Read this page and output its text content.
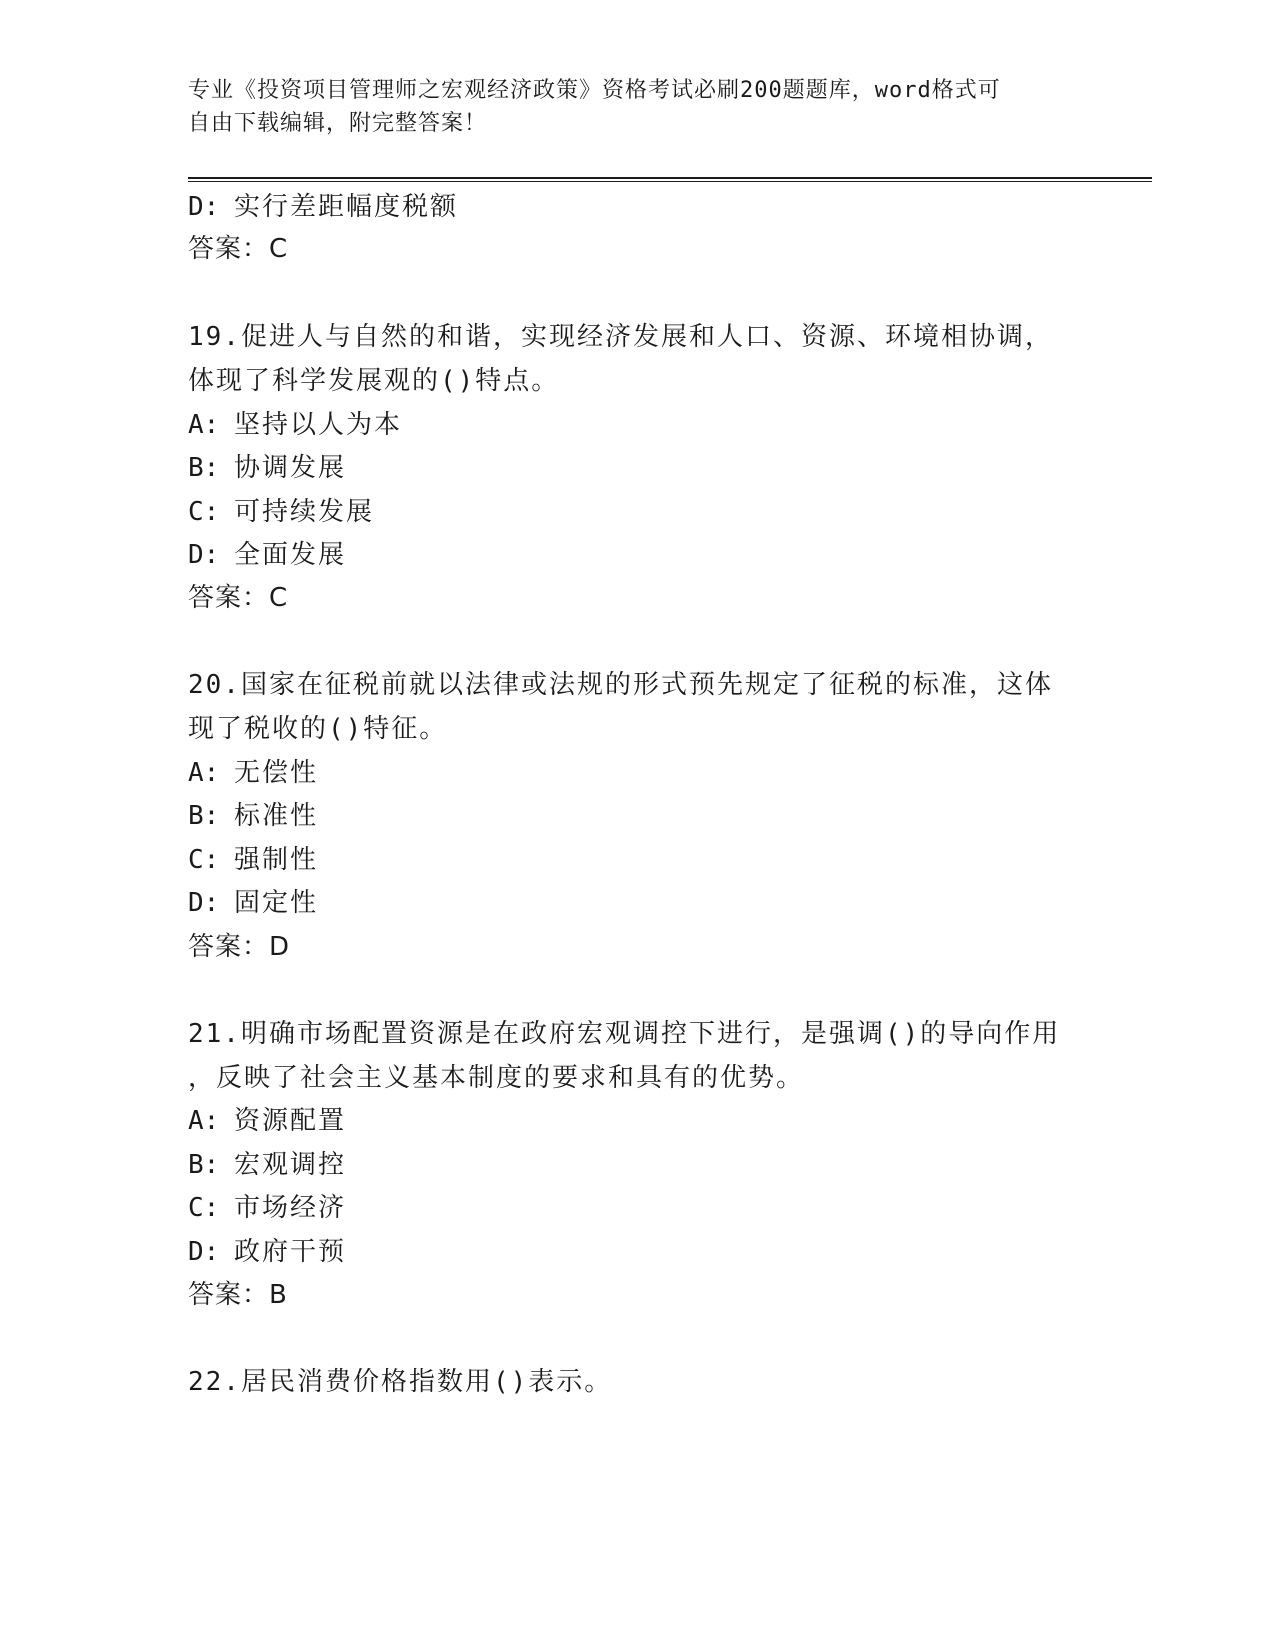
专业《投资项目管理师之宏观经济政策》资格考试必刷200题题库，word格式可
自由下载编辑，附完整答案！
D: 实行差距幅度税额
答案：C
19.促进人与自然的和谐，实现经济发展和人口、资源、环境相协调，
体现了科学发展观的()特点。
A: 坚持以人为本
B: 协调发展
C: 可持续发展
D: 全面发展
答案：C
20.国家在征税前就以法律或法规的形式预先规定了征税的标准，这体
现了税收的()特征。
A: 无偿性
B: 标准性
C: 强制性
D: 固定性
答案：D
21.明确市场配置资源是在政府宏观调控下进行，是强调()的导向作用
，反映了社会主义基本制度的要求和具有的优势。
A: 资源配置
B: 宏观调控
C: 市场经济
D: 政府干预
答案：B
22.居民消费价格指数用()表示。
